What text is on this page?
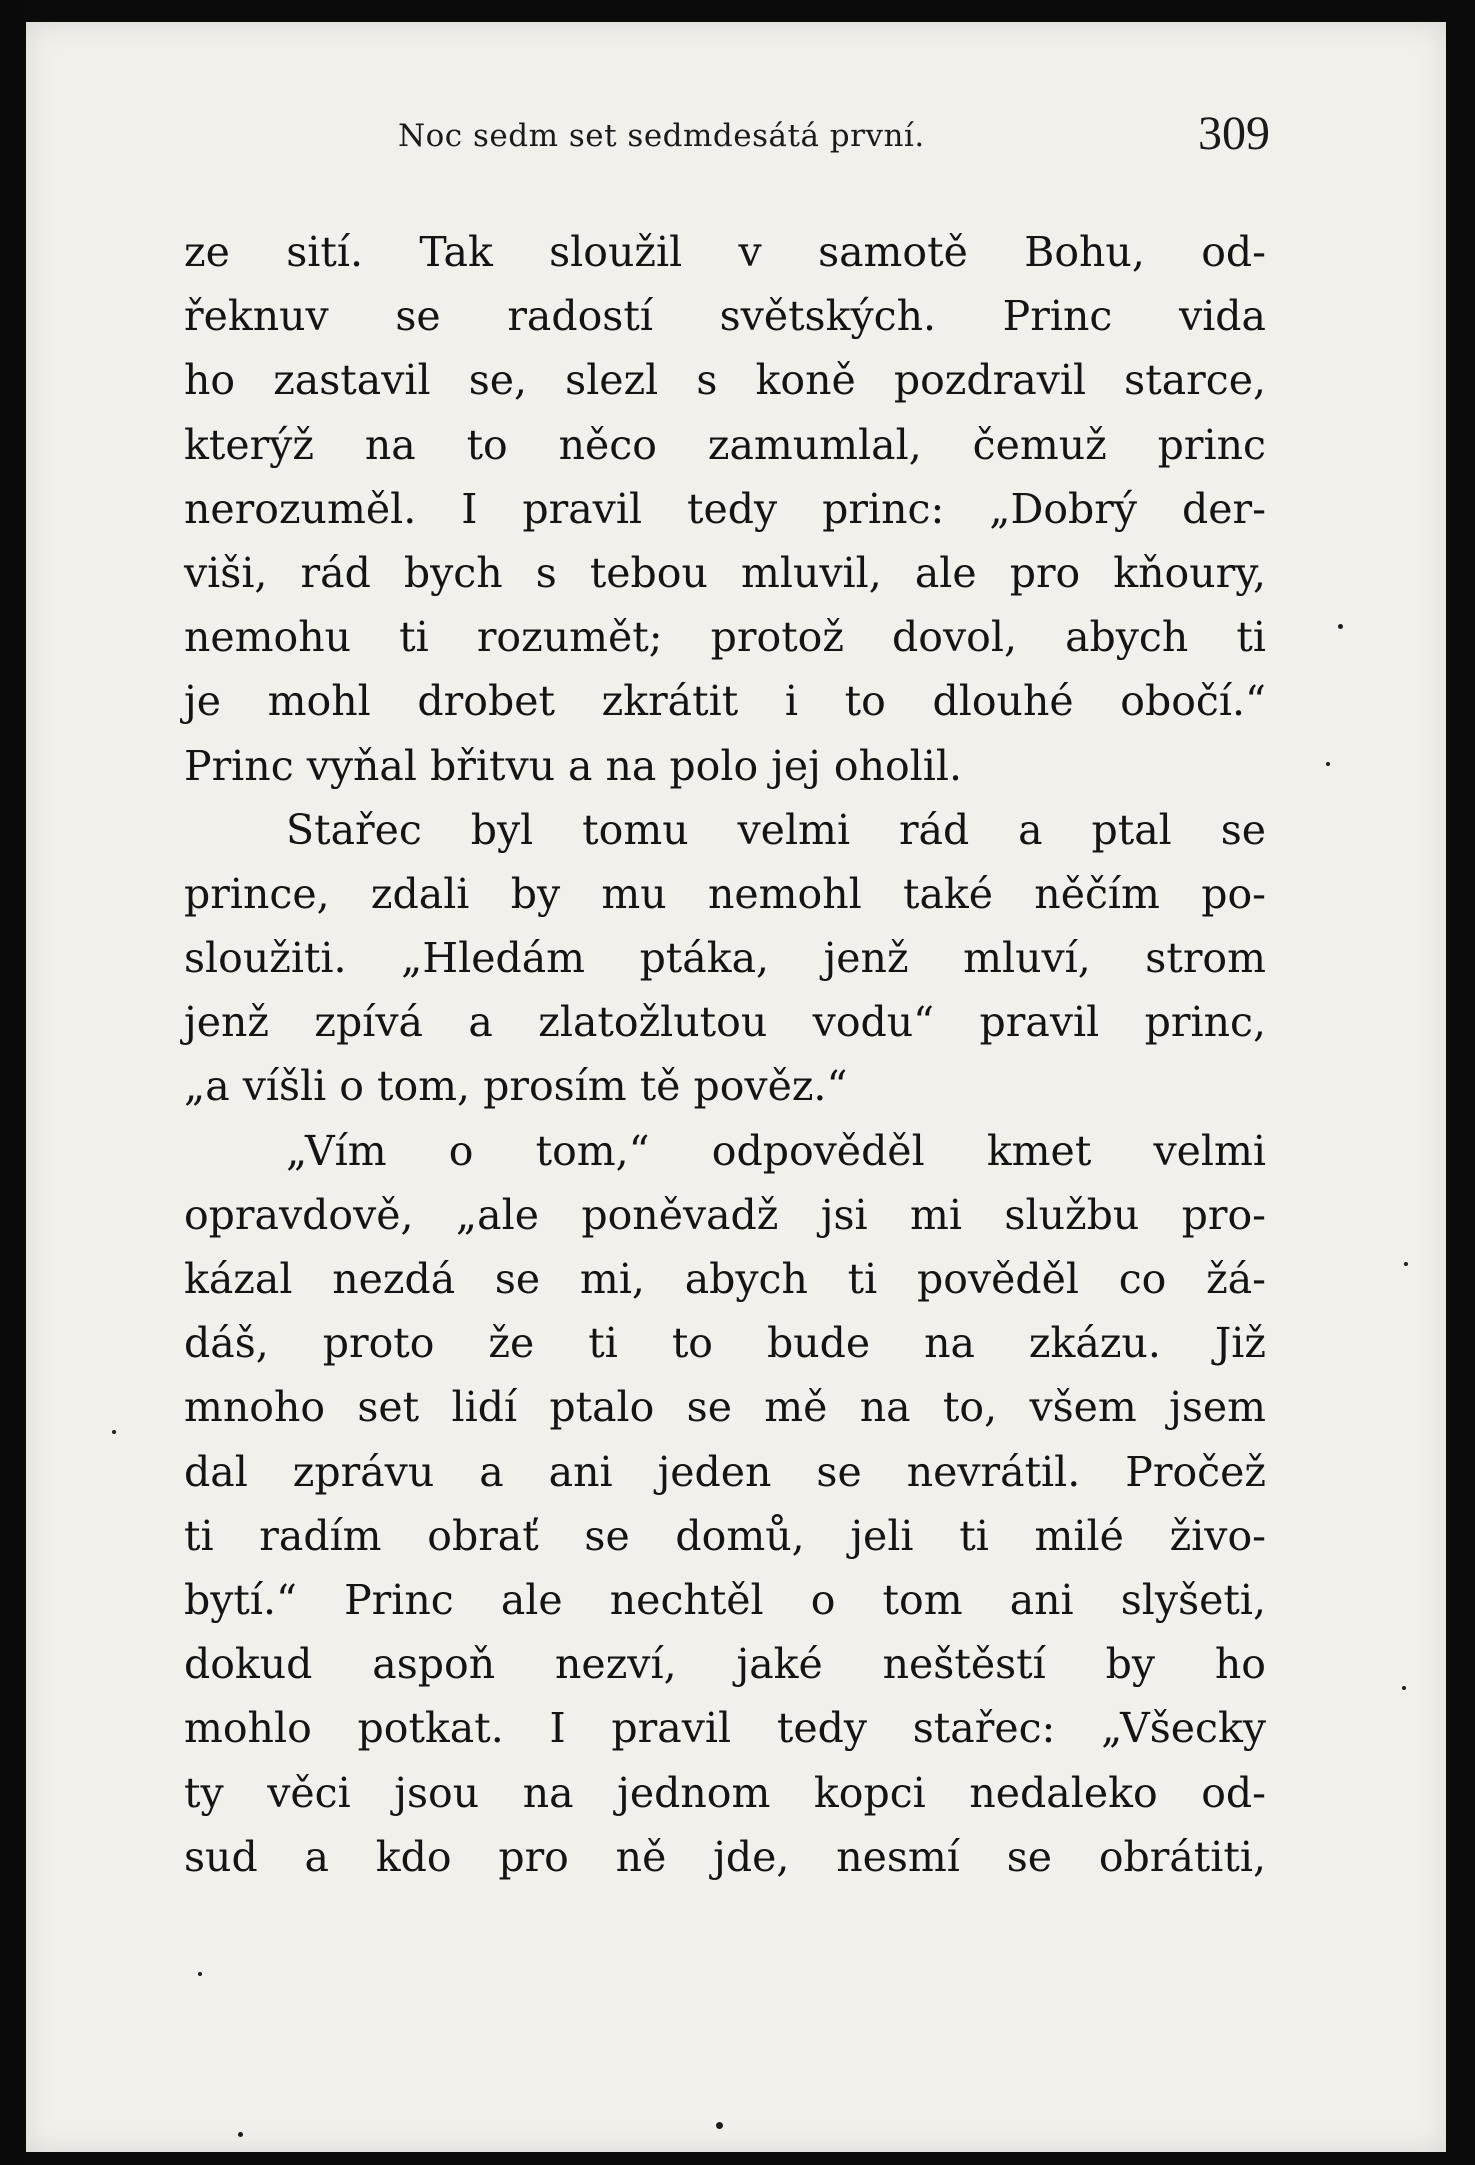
Noc sedm set sedmdesátá první.	309
ze sití. Tak sloužil v samotě Bohu, od-
řeknuv se radostí světských. Princ vida
ho zastavil se, slezl s koně pozdravil starce,
kterýž na to něco zamumlal, čemuž princ
nerozuměl. I pravil tedy princ: „Dobrý der-
viši, rád bych s tebou mluvil, ale pro kňoury,
nemohu ti rozumět; protož dovol, abych ti
je mohl drobet zkrátit i to dlouhé obočí.“
Princ vyňal břitvu a na polo jej oholil.
Stařec byl tomu velmi rád a ptal se
prince, zdali by mu nemohl také něčím po-
sloužiti. „Hledám ptáka, jenž mluví, strom
jenž zpívá a zlatožlutou vodu“ pravil princ,
„a víšli o tom, prosím tě pověz.“
„Vím o tom,“ odpověděl kmet velmi
opravdově, „ale poněvadž jsi mi službu pro-
kázal nezdá se mi, abych ti pověděl co žá-
dáš, proto že ti to bude na zkázu. Již
mnoho set lidí ptalo se mě na to, všem jsem
dal zprávu a ani jeden se nevrátil. Pročež
ti radím obrať se domů, jeli ti milé živo-
bytí.“ Princ ale nechtěl o tom ani slyšeti,
dokud aspoň nezví, jaké neštěstí by ho
mohlo potkat. I pravil tedy stařec: „Všecky
ty věci jsou na jednom kopci nedaleko od-
sud a kdo pro ně jde, nesmí se obrátiti,
